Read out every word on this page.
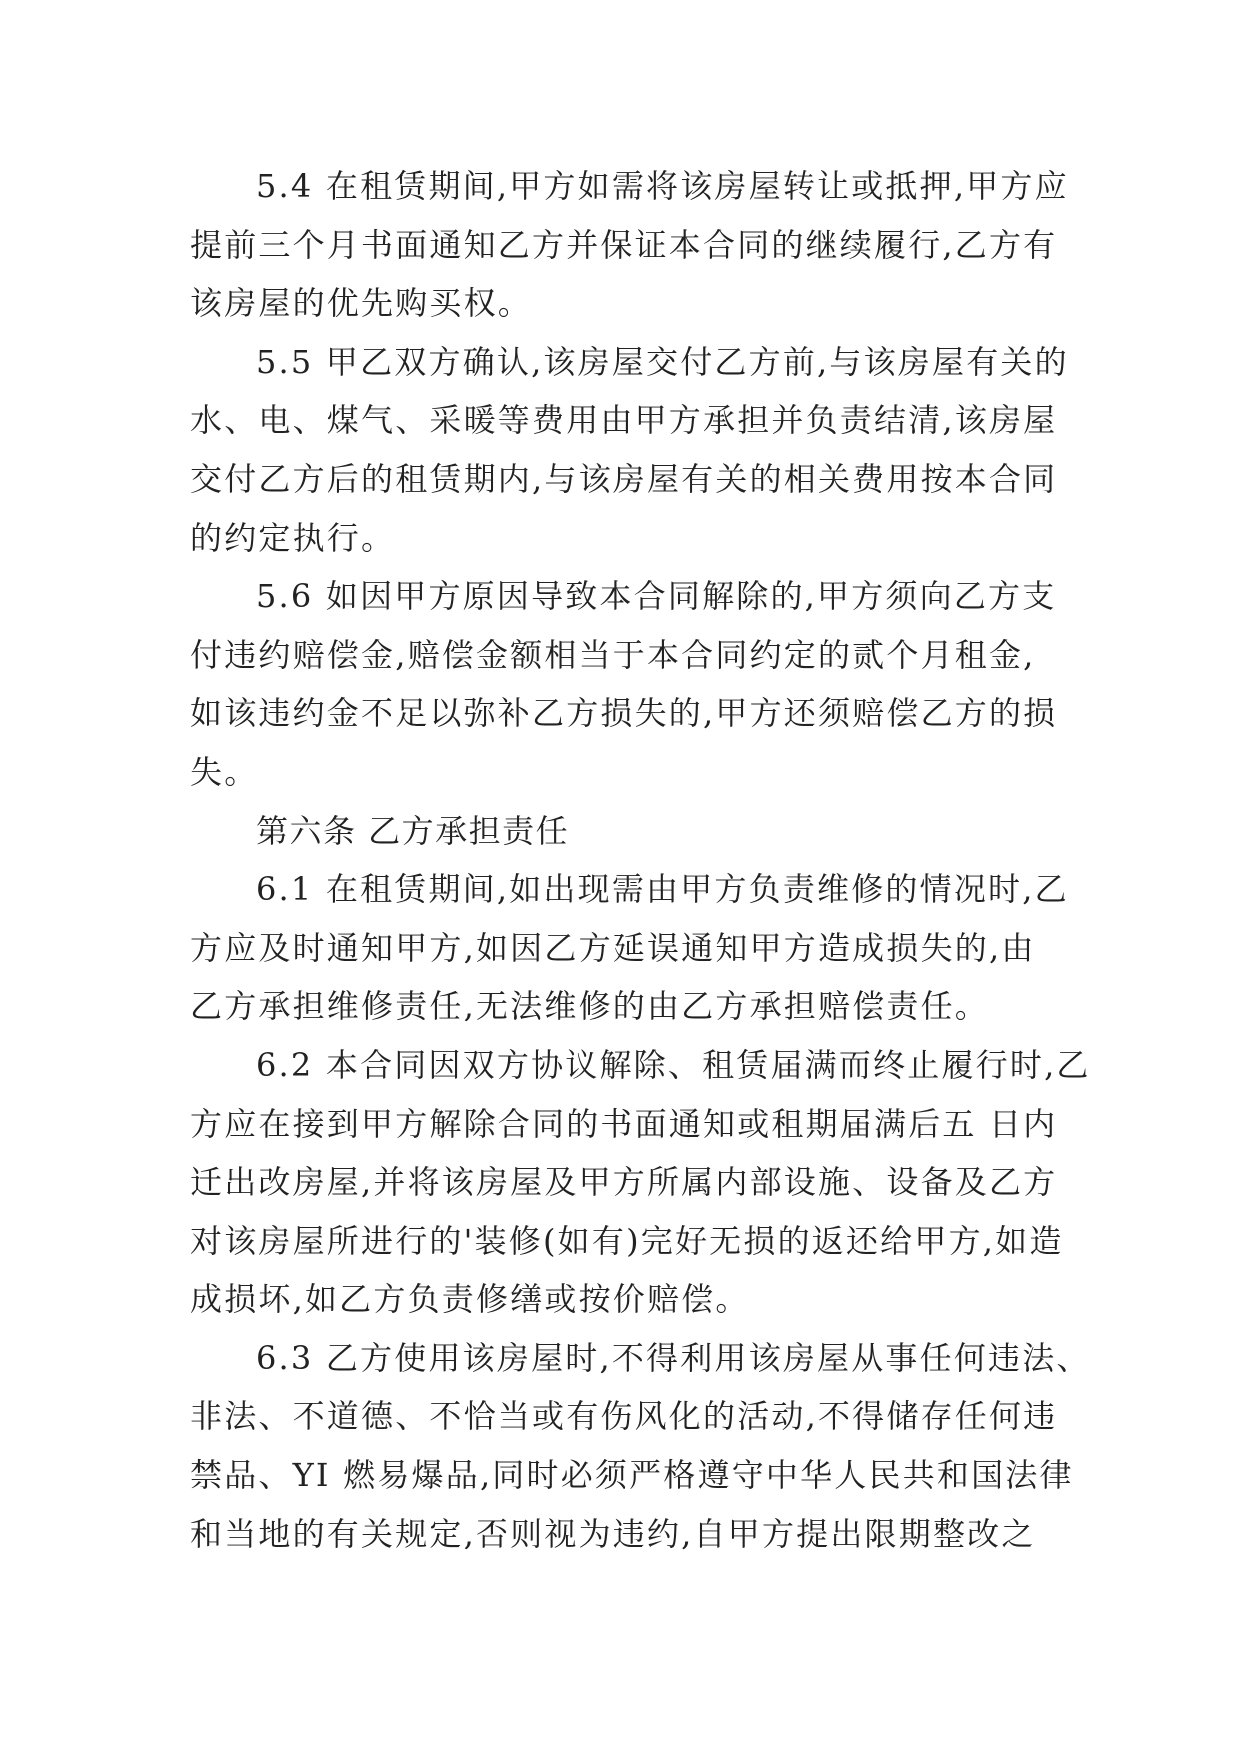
5.4 在租赁期间,甲方如需将该房屋转让或抵押,甲方应
提前三个月书面通知乙方并保证本合同的继续履行,乙方有
该房屋的优先购买权。
5.5 甲乙双方确认,该房屋交付乙方前,与该房屋有关的
水、电、煤气、采暖等费用由甲方承担并负责结清,该房屋
交付乙方后的租赁期内,与该房屋有关的相关费用按本合同
的约定执行。
5.6 如因甲方原因导致本合同解除的,甲方须向乙方支
付违约赔偿金,赔偿金额相当于本合同约定的贰个月租金,
如该违约金不足以弥补乙方损失的,甲方还须赔偿乙方的损
失。
第六条 乙方承担责任
6.1 在租赁期间,如出现需由甲方负责维修的情况时,乙
方应及时通知甲方,如因乙方延误通知甲方造成损失的,由
乙方承担维修责任,无法维修的由乙方承担赔偿责任。
6.2 本合同因双方协议解除、租赁届满而终止履行时,乙
方应在接到甲方解除合同的书面通知或租期届满后五 日内
迁出改房屋,并将该房屋及甲方所属内部设施、设备及乙方
对该房屋所进行的'装修(如有)完好无损的返还给甲方,如造
成损坏,如乙方负责修缮或按价赔偿。
6.3 乙方使用该房屋时,不得利用该房屋从事任何违法、
非法、不道德、不恰当或有伤风化的活动,不得储存任何违
禁品、YI 燃易爆品,同时必须严格遵守中华人民共和国法律
和当地的有关规定,否则视为违约,自甲方提出限期整改之
